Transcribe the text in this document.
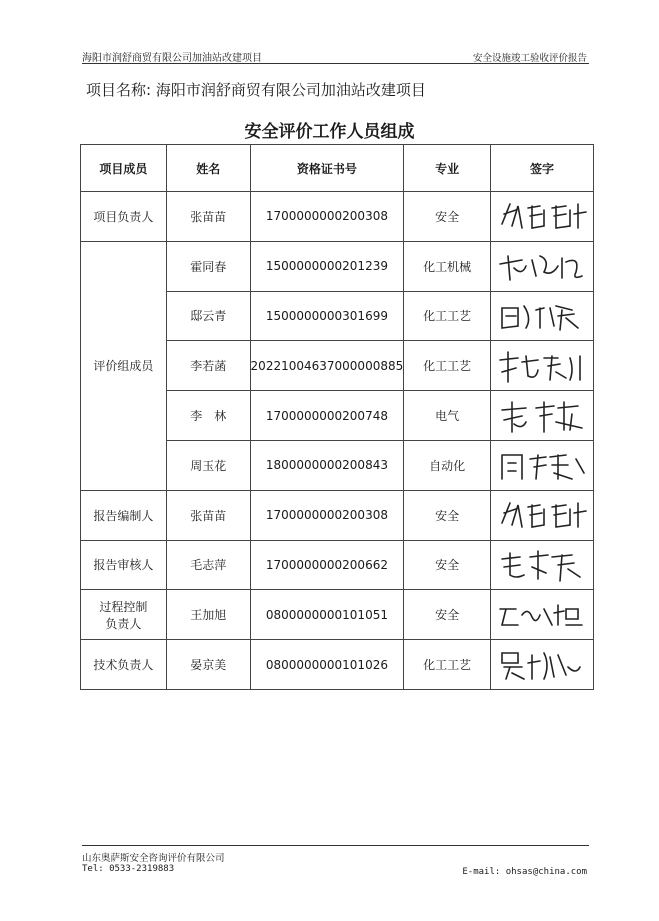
海阳市润舒商贸有限公司加油站改建项目	安全设施竣工验收评价报告
项目名称: 海阳市润舒商贸有限公司加油站改建项目
安全评价工作人员组成
项目成员	姓名	资格证书号	专业	签字
项目负责人	张苗苗	1700000000200308	安全	

评价组成员	霍同春	1500000000201239	化工机械	

	邸云青	1500000000301699	化工工艺	

	李若菡	20221004637000000885	化工工艺	

	李　林	1700000000200748	电气	

	周玉花	1800000000200843	自动化	

报告编制人	张苗苗	1700000000200308	安全	

报告审核人	毛志萍	1700000000200662	安全	

过程控制
负责人	王加旭	0800000000101051	安全	

技术负责人	晏京美	0800000000101026	化工工艺	
山东奥萨斯安全咨询评价有限公司
Tel: 0533-2319883	E-mail: ohsas@china.com
